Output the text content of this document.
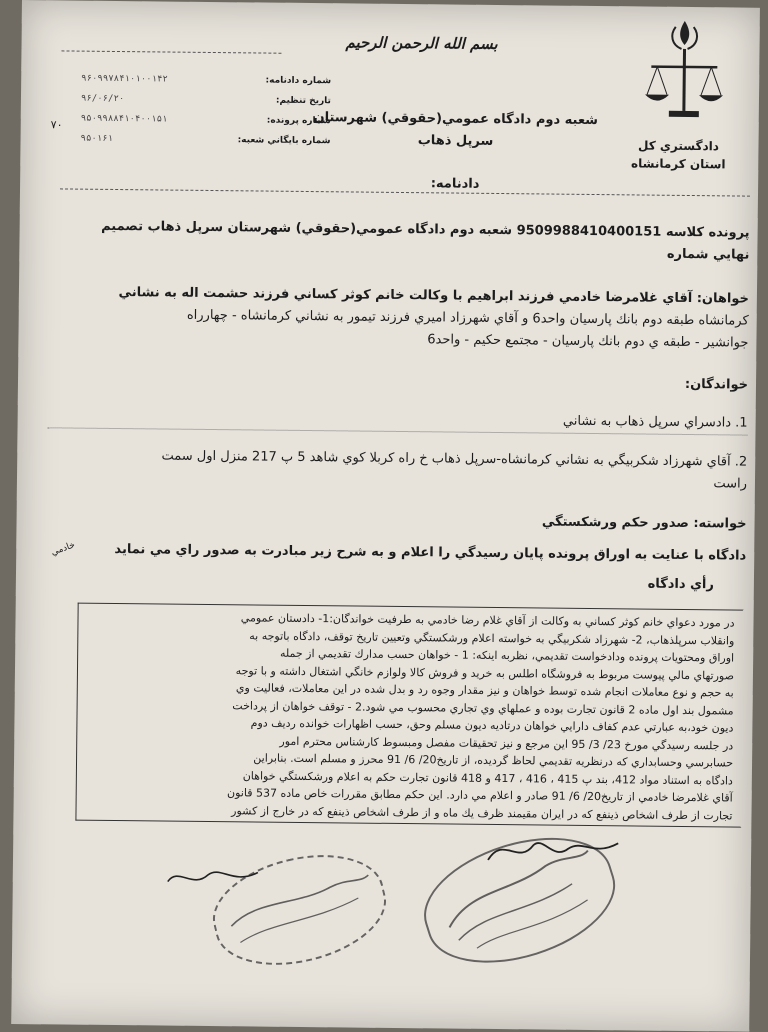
بسم الله الرحمن الرحيم
دادگستري كل استان كرمانشاه
شعبه دوم دادگاه عمومي(حقوقي) شهرستان سرپل ذهاب
دادنامه:
شماره دادنامه:
۹۶۰۹۹۷۸۴۱۰۱۰۰۱۴۲
تاريخ تنظيم:
۹۶/۰۶/۲۰
شماره پرونده:
۹۵۰۹۹۸۸۴۱۰۴۰۰۱۵۱
شماره بايگاني شعبه:
۹۵۰۱۶۱
۷۰

پرونده كلاسه 9509988410400151 شعبه دوم دادگاه عمومي(حقوقي) شهرستان سرپل ذهاب تصميم

نهايي شماره

خواهان: آقاي غلامرضا خادمي فرزند ابراهيم با وكالت خانم كوثر كساني فرزند حشمت اله به نشاني

كرمانشاه طبقه دوم بانك پارسيان واحد6 و آقاي شهرزاد اميري فرزند تيمور به نشاني كرمانشاه - چهارراه

جوانشير - طبقه ي دوم بانك پارسيان - مجتمع حكيم - واحد6

خواندگان:

1. دادسراي سرپل ذهاب به نشاني

2. آقاي شهرزاد شكربيگي به نشاني كرمانشاه-سرپل ذهاب خ راه كربلا كوي شاهد 5 پ 217 منزل اول سمت

راست

خواسته: صدور حكم ورشكستگي

دادگاه با عنايت به اوراق پرونده پايان رسيدگي را اعلام و به شرح زير مبادرت به صدور راي مي نمايد

رأي دادگاه
در مورد دعواي خانم كوثر كساني به وكالت از آقاي غلام رضا خادمي به طرفيت خواندگان:1- دادستان عمومي
وانقلاب سرپلذهاب، 2- شهرزاد شكربيگي به خواسته اعلام ورشكستگي وتعيين تاريخ توقف، دادگاه باتوجه به
اوراق ومحتويات پرونده ودادخواست تقديمي، نظربه اينكه: 1 - خواهان حسب مدارك تقديمي از جمله
صورتهاي مالي پيوست مربوط به فروشگاه اطلس به خريد و فروش كالا ولوازم خانگي اشتغال داشته و با توجه
به حجم و نوع معاملات انجام شده توسط خواهان و نيز مقدار وجوه رد و بدل شده در اين معاملات، فعاليت وي
مشمول بند اول ماده 2 قانون تجارت بوده و عملهاي وي تجاري محسوب مي شود.2 - توقف خواهان از پرداخت
ديون خود،به عبارتي عدم كفاف دارايي خواهان درتاديه ديون مسلم وحق، حسب اظهارات خوانده رديف دوم
در جلسه رسيدگي مورخ 23/ 3/ 95 اين مرجع و نيز تحقيقات مفصل ومبسوط كارشناس محترم امور
حسابرسي وحسابداري كه درنظريه تقديمي لحاظ گرديده، از تاريخ20/ 6/ 91 محرز و مسلم است. بنابراين
دادگاه به استناد مواد 412، بند پ 415 ، 416 ، 417 و 418 قانون تجارت حكم به اعلام ورشكستگي خواهان
آقاي غلامرضا خادمي از تاريخ20/ 6/ 91 صادر و اعلام مي دارد. اين حكم مطابق مقررات خاص ماده 537 قانون
تجارت از طرف اشخاص ذينفع كه در ايران مقيمند ظرف يك ماه و از طرف اشخاص ذينفع كه در خارج از كشور
خادمي
